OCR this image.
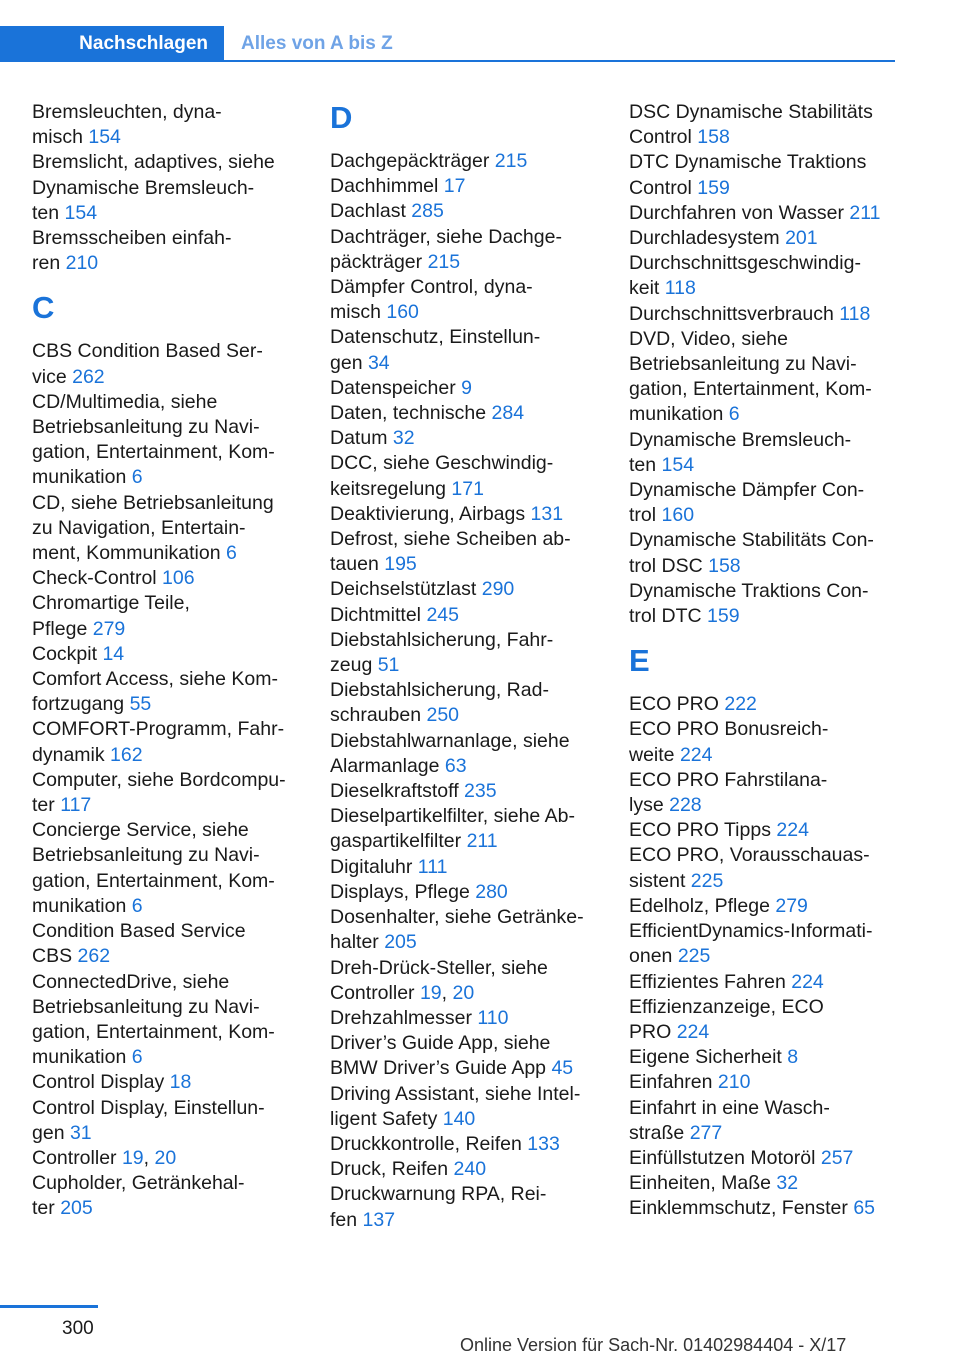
Nachschlagen	Alles von A bis Z
Bremsleuchten, dyna-
misch 154
Bremslicht, adaptives, siehe
Dynamische Bremsleuch-
ten 154
Bremsscheiben einfah-
ren 210
C
CBS Condition Based Ser-
vice 262
CD/Multimedia, siehe
Betriebsanleitung zu Navi-
gation, Entertainment, Kom-
munikation 6
CD, siehe Betriebsanleitung
zu Navigation, Entertain-
ment, Kommunikation 6
Check-Control 106
Chromartige Teile,
Pflege 279
Cockpit 14
Comfort Access, siehe Kom-
fortzugang 55
COMFORT-Programm, Fahr-
dynamik 162
Computer, siehe Bordcompu-
ter 117
Concierge Service, siehe
Betriebsanleitung zu Navi-
gation, Entertainment, Kom-
munikation 6
Condition Based Service
CBS 262
ConnectedDrive, siehe
Betriebsanleitung zu Navi-
gation, Entertainment, Kom-
munikation 6
Control Display 18
Control Display, Einstellun-
gen 31
Controller 19, 20
Cupholder, Getränkehal-
ter 205
D
Dachgepäckträger 215
Dachhimmel 17
Dachlast 285
Dachträger, siehe Dachge-
päckträger 215
Dämpfer Control, dyna-
misch 160
Datenschutz, Einstellun-
gen 34
Datenspeicher 9
Daten, technische 284
Datum 32
DCC, siehe Geschwindig-
keitsregelung 171
Deaktivierung, Airbags 131
Defrost, siehe Scheiben ab-
tauen 195
Deichselstützlast 290
Dichtmittel 245
Diebstahlsicherung, Fahr-
zeug 51
Diebstahlsicherung, Rad-
schrauben 250
Diebstahlwarnanlage, siehe
Alarmanlage 63
Dieselkraftstoff 235
Dieselpartikelfilter, siehe Ab-
gaspartikelfilter 211
Digitaluhr 111
Displays, Pflege 280
Dosenhalter, siehe Getränke-
halter 205
Dreh-Drück-Steller, siehe
Controller 19, 20
Drehzahlmesser 110
Driver’s Guide App, siehe
BMW Driver’s Guide App 45
Driving Assistant, siehe Intel-
ligent Safety 140
Druckkontrolle, Reifen 133
Druck, Reifen 240
Druckwarnung RPA, Rei-
fen 137
DSC Dynamische Stabilitäts
Control 158
DTC Dynamische Traktions
Control 159
Durchfahren von Wasser 211
Durchladesystem 201
Durchschnittsgeschwindig-
keit 118
Durchschnittsverbrauch 118
DVD, Video, siehe
Betriebsanleitung zu Navi-
gation, Entertainment, Kom-
munikation 6
Dynamische Bremsleuch-
ten 154
Dynamische Dämpfer Con-
trol 160
Dynamische Stabilitäts Con-
trol DSC 158
Dynamische Traktions Con-
trol DTC 159
E
ECO PRO 222
ECO PRO Bonusreich-
weite 224
ECO PRO Fahrstilana-
lyse 228
ECO PRO Tipps 224
ECO PRO, Vorausschauas-
sistent 225
Edelholz, Pflege 279
EfficientDynamics-Informati-
onen 225
Effizientes Fahren 224
Effizienzanzeige, ECO
PRO 224
Eigene Sicherheit 8
Einfahren 210
Einfahrt in eine Wasch-
straße 277
Einfüllstutzen Motoröl 257
Einheiten, Maße 32
Einklemmschutz, Fenster 65
300
Online Version für Sach-Nr. 01402984404 - X/17
